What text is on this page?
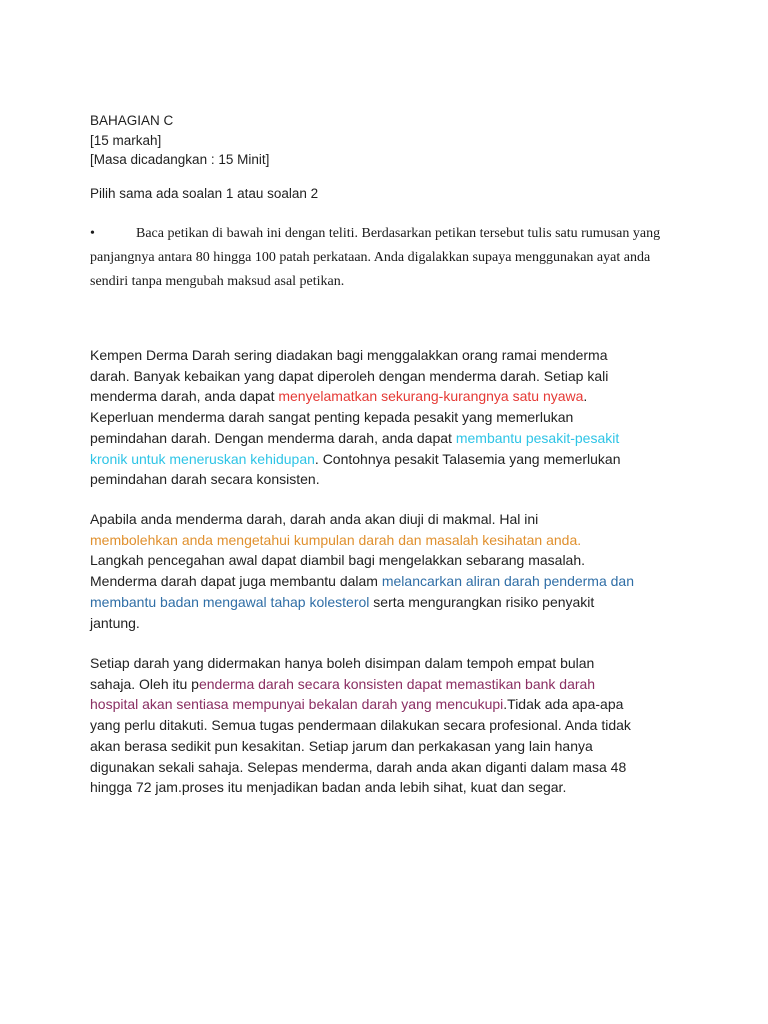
BAHAGIAN C
[15 markah]
[Masa dicadangkan : 15 Minit]
Pilih sama ada soalan 1 atau soalan 2
•	Baca petikan di bawah ini dengan teliti. Berdasarkan petikan tersebut tulis satu rumusan yang
panjangnya antara 80 hingga 100 patah perkataan. Anda digalakkan supaya menggunakan ayat anda
sendiri tanpa mengubah maksud asal petikan.
Kempen Derma Darah sering diadakan bagi menggalakkan orang ramai menderma
darah. Banyak kebaikan yang dapat diperoleh dengan menderma darah. Setiap kali
menderma darah, anda dapat menyelamatkan sekurang-kurangnya satu nyawa.
Keperluan menderma darah sangat penting kepada pesakit yang memerlukan
pemindahan darah. Dengan menderma darah, anda dapat membantu pesakit-pesakit
kronik untuk meneruskan kehidupan. Contohnya pesakit Talasemia yang memerlukan
pemindahan darah secara konsisten.
Apabila anda menderma darah, darah anda akan diuji di makmal. Hal ini
membolehkan anda mengetahui kumpulan darah dan masalah kesihatan anda.
Langkah pencegahan awal dapat diambil bagi mengelakkan sebarang masalah.
Menderma darah dapat juga membantu dalam melancarkan aliran darah penderma dan
membantu badan mengawal tahap kolesterol serta mengurangkan risiko penyakit
jantung.
Setiap darah yang didermakan hanya boleh disimpan dalam tempoh empat bulan
sahaja. Oleh itu penderma darah secara konsisten dapat memastikan bank darah
hospital akan sentiasa mempunyai bekalan darah yang mencukupi.Tidak ada apa-apa
yang perlu ditakuti. Semua tugas pendermaan dilakukan secara profesional. Anda tidak
akan berasa sedikit pun kesakitan. Setiap jarum dan perkakasan yang lain hanya
digunakan sekali sahaja. Selepas menderma, darah anda akan diganti dalam masa 48
hingga 72 jam.proses itu menjadikan badan anda lebih sihat, kuat dan segar.
